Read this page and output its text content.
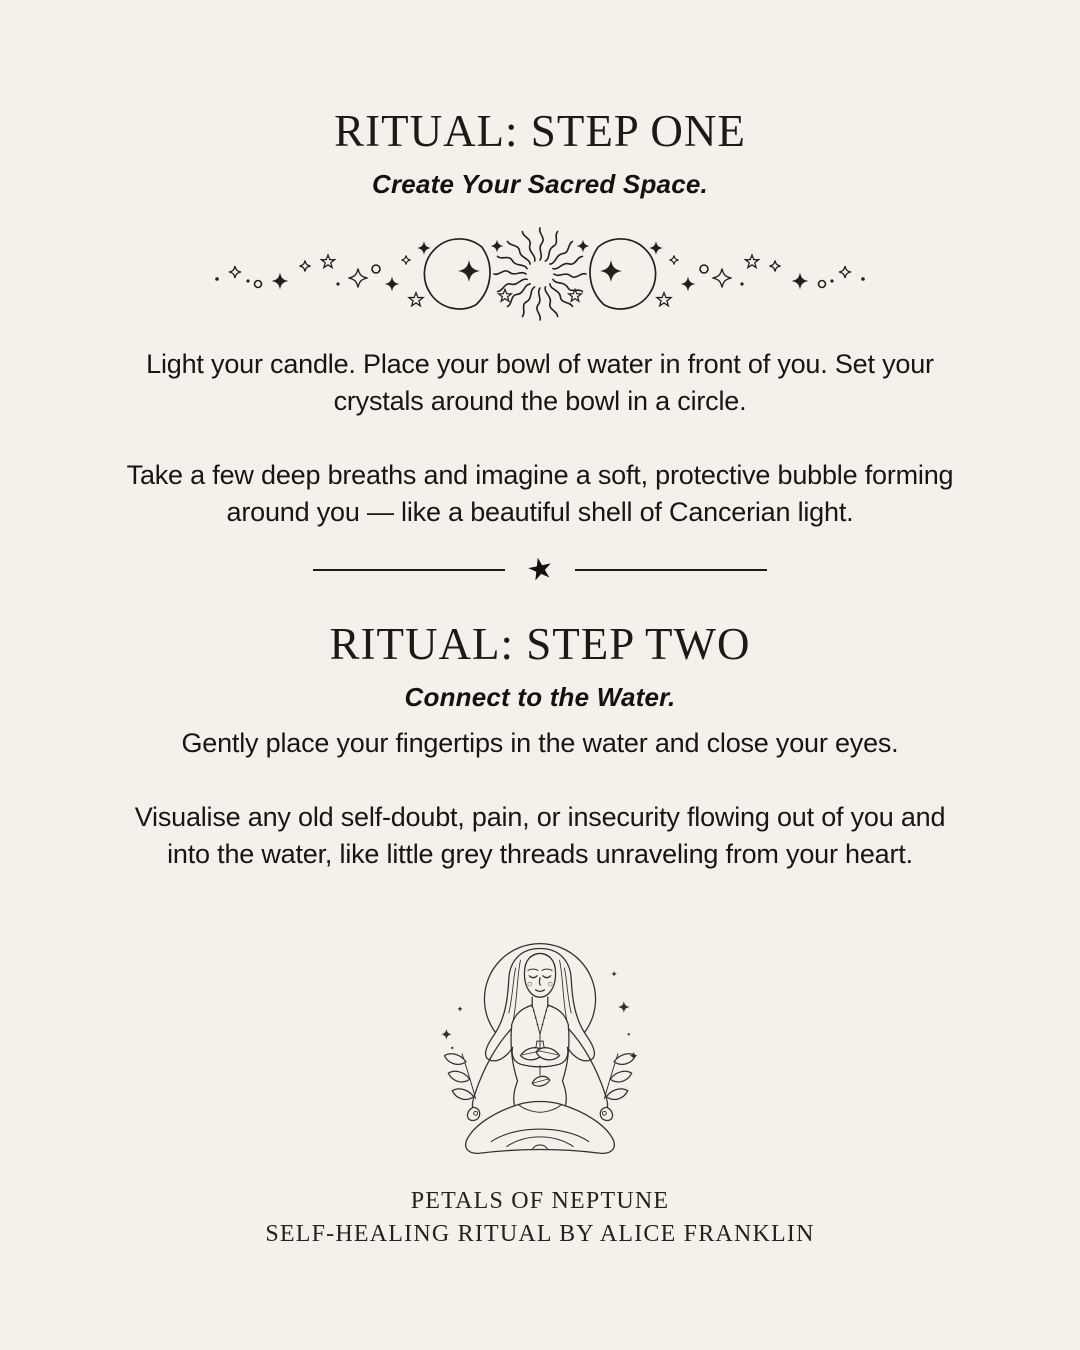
RITUAL: STEP ONE
Create Your Sacred Space.

Light your candle. Place your bowl of water in front of you. Set your
crystals around the bowl in a circle.

Take a few deep breaths and imagine a soft, protective bubble forming
around you — like a beautiful shell of Cancerian light.

★
RITUAL: STEP TWO
Connect to the Water.

Gently place your fingertips in the water and close your eyes.

Visualise any old self-doubt, pain, or insecurity flowing out of you and
into the water, like little grey threads unraveling from your heart.

PETALS OF NEPTUNE
SELF-HEALING RITUAL BY ALICE FRANKLIN
